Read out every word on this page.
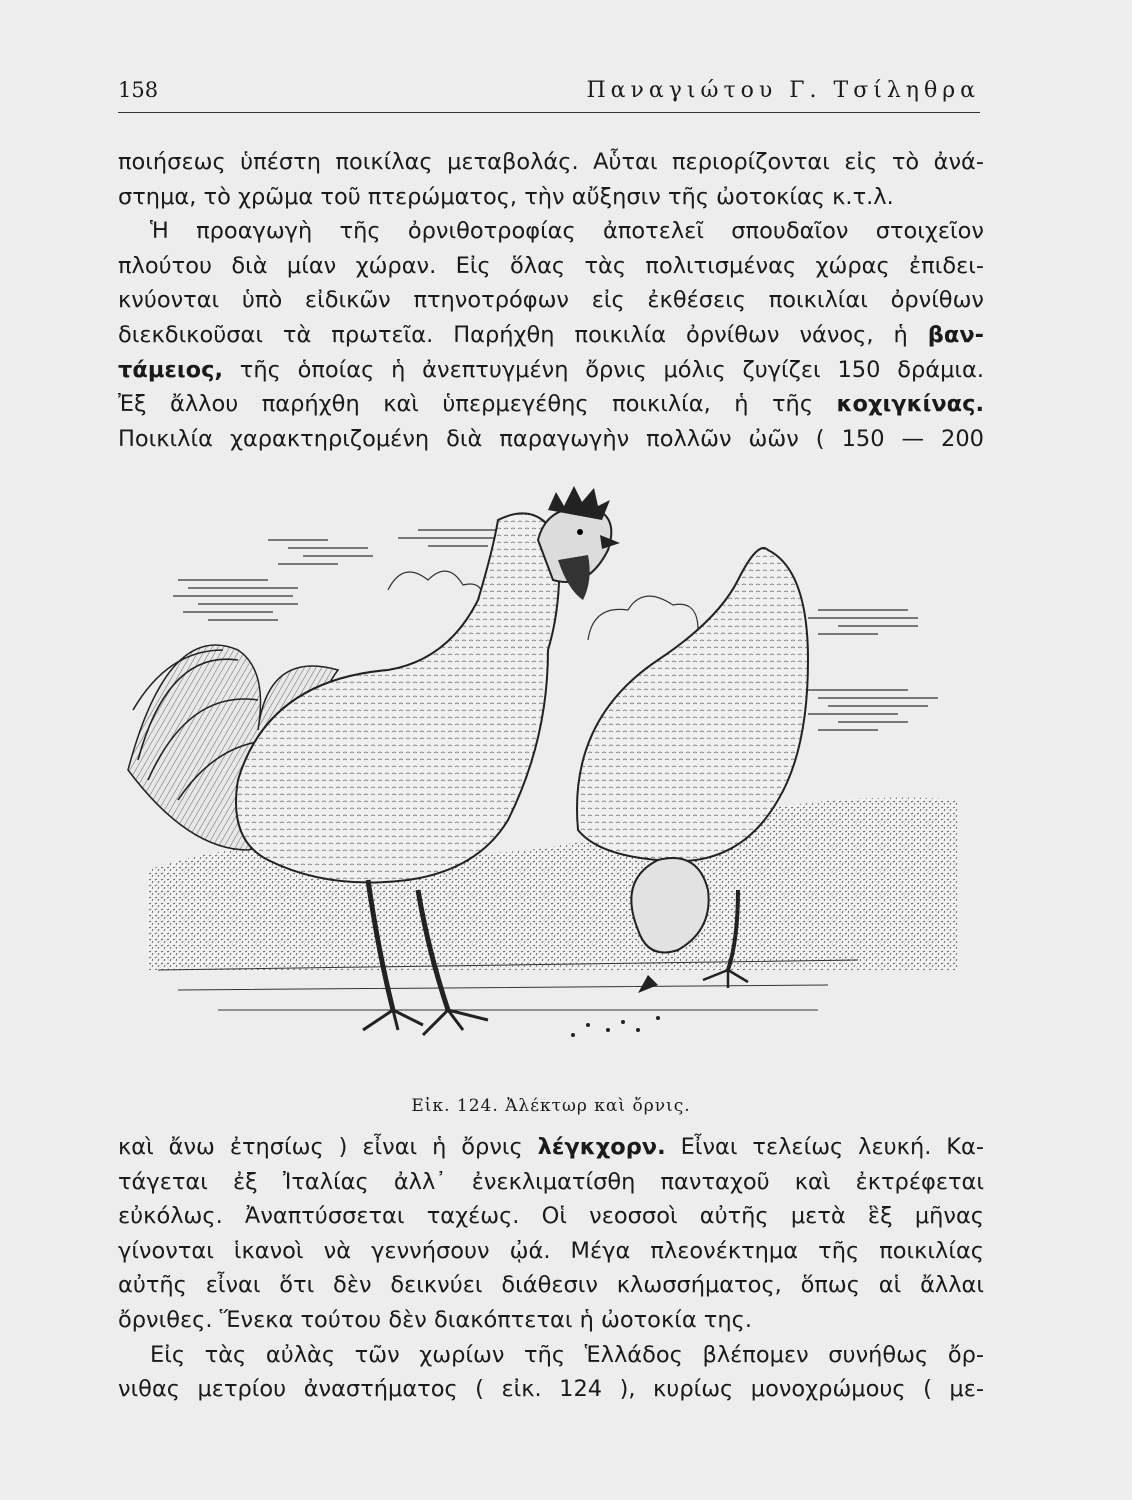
158	Παναγιώτου Γ. Τσίληθρα
ποιήσεως ὑπέστη ποικίλας μεταβολάς. Αὗται περιορίζονται εἰς τὸ ἀνά-
στημα, τὸ χρῶμα τοῦ πτερώματος, τὴν αὔξησιν τῆς ὠοτοκίας κ.τ.λ.
Ἡ προαγωγὴ τῆς ὀρνιθοτροφίας ἀποτελεῖ σπουδαῖον στοιχεῖον
πλούτου διὰ μίαν χώραν. Εἰς ὅλας τὰς πολιτισμένας χώρας ἐπιδει-
κνύονται ὑπὸ εἰδικῶν πτηνοτρόφων εἰς ἐκθέσεις ποικιλίαι ὀρνίθων
διεκδικοῦσαι τὰ πρωτεῖα. Παρήχθη ποικιλία ὀρνίθων νάνος, ἡ βαν-
τάμειος, τῆς ὁποίας ἡ ἀνεπτυγμένη ὄρνις μόλις ζυγίζει 150 δράμια.
Ἐξ ἄλλου παρήχθη καὶ ὑπερμεγέθης ποικιλία, ἡ τῆς κοχιγκίνας.
Ποικιλία χαρακτηριζομένη διὰ παραγωγὴν πολλῶν ὠῶν ( 150 — 200
Εἰκ. 124. Ἀλέκτωρ καὶ ὄρνις.
καὶ ἄνω ἐτησίως ) εἶναι ἡ ὄρνις λέγκχορν. Εἶναι τελείως λευκή. Κα-
τάγεται ἐξ Ἰταλίας ἀλλ᾽ ἐνεκλιματίσθη πανταχοῦ καὶ ἐκτρέφεται
εὐκόλως. Ἀναπτύσσεται ταχέως. Οἱ νεοσσοὶ αὐτῆς μετὰ ἓξ μῆνας
γίνονται ἱκανοὶ νὰ γεννήσουν ᾠά. Μέγα πλεονέκτημα τῆς ποικιλίας
αὐτῆς εἶναι ὅτι δὲν δεικνύει διάθεσιν κλωσσήματος, ὅπως αἱ ἄλλαι
ὄρνιθες. Ἕνεκα τούτου δὲν διακόπτεται ἡ ὠοτοκία της.
Εἰς τὰς αὐλὰς τῶν χωρίων τῆς Ἑλλάδος βλέπομεν συνήθως ὄρ-
νιθας μετρίου ἀναστήματος ( εἰκ. 124 ), κυρίως μονοχρώμους ( με-
